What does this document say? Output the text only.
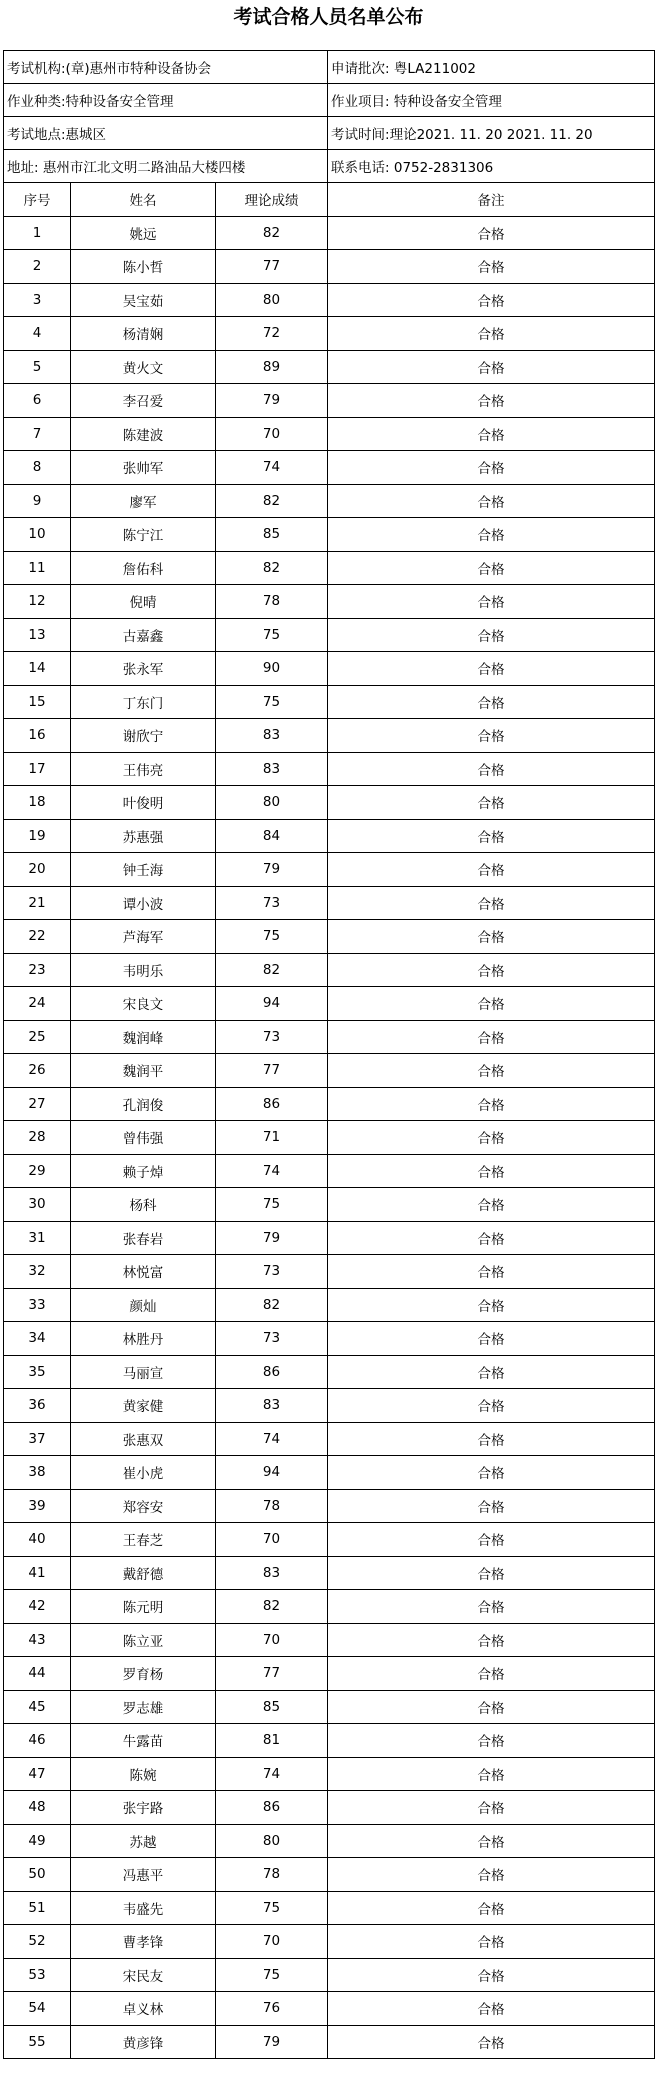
考试合格人员名单公布
考试机构:(章)惠州市特种设备协会			申请批次: 粤LA211002
作业种类:特种设备安全管理			作业项目: 特种设备安全管理
考试地点:惠城区			考试时间:理论2021. 11. 20 2021. 11. 20
地址: 惠州市江北文明二路油品大楼四楼			联系电话: 0752-2831306
序号	姓名	理论成绩	备注
1	姚远	82	合格
2	陈小哲	77	合格
3	吴宝茹	80	合格
4	杨清娴	72	合格
5	黄火文	89	合格
6	李召爱	79	合格
7	陈建波	70	合格
8	张帅军	74	合格
9	廖军	82	合格
10	陈宁江	85	合格
11	詹佑科	82	合格
12	倪晴	78	合格
13	古嘉鑫	75	合格
14	张永军	90	合格
15	丁东门	75	合格
16	谢欣宁	83	合格
17	王伟亮	83	合格
18	叶俊明	80	合格
19	苏惠强	84	合格
20	钟壬海	79	合格
21	谭小波	73	合格
22	芦海军	75	合格
23	韦明乐	82	合格
24	宋良文	94	合格
25	魏润峰	73	合格
26	魏润平	77	合格
27	孔润俊	86	合格
28	曾伟强	71	合格
29	赖子焯	74	合格
30	杨科	75	合格
31	张春岩	79	合格
32	林悦富	73	合格
33	颜灿	82	合格
34	林胜丹	73	合格
35	马丽宣	86	合格
36	黄家健	83	合格
37	张惠双	74	合格
38	崔小虎	94	合格
39	郑容安	78	合格
40	王春芝	70	合格
41	戴舒德	83	合格
42	陈元明	82	合格
43	陈立亚	70	合格
44	罗育杨	77	合格
45	罗志雄	85	合格
46	牛露苗	81	合格
47	陈婉	74	合格
48	张宇路	86	合格
49	苏越	80	合格
50	冯惠平	78	合格
51	韦盛先	75	合格
52	曹孝锋	70	合格
53	宋民友	75	合格
54	卓义林	76	合格
55	黄彦锋	79	合格
